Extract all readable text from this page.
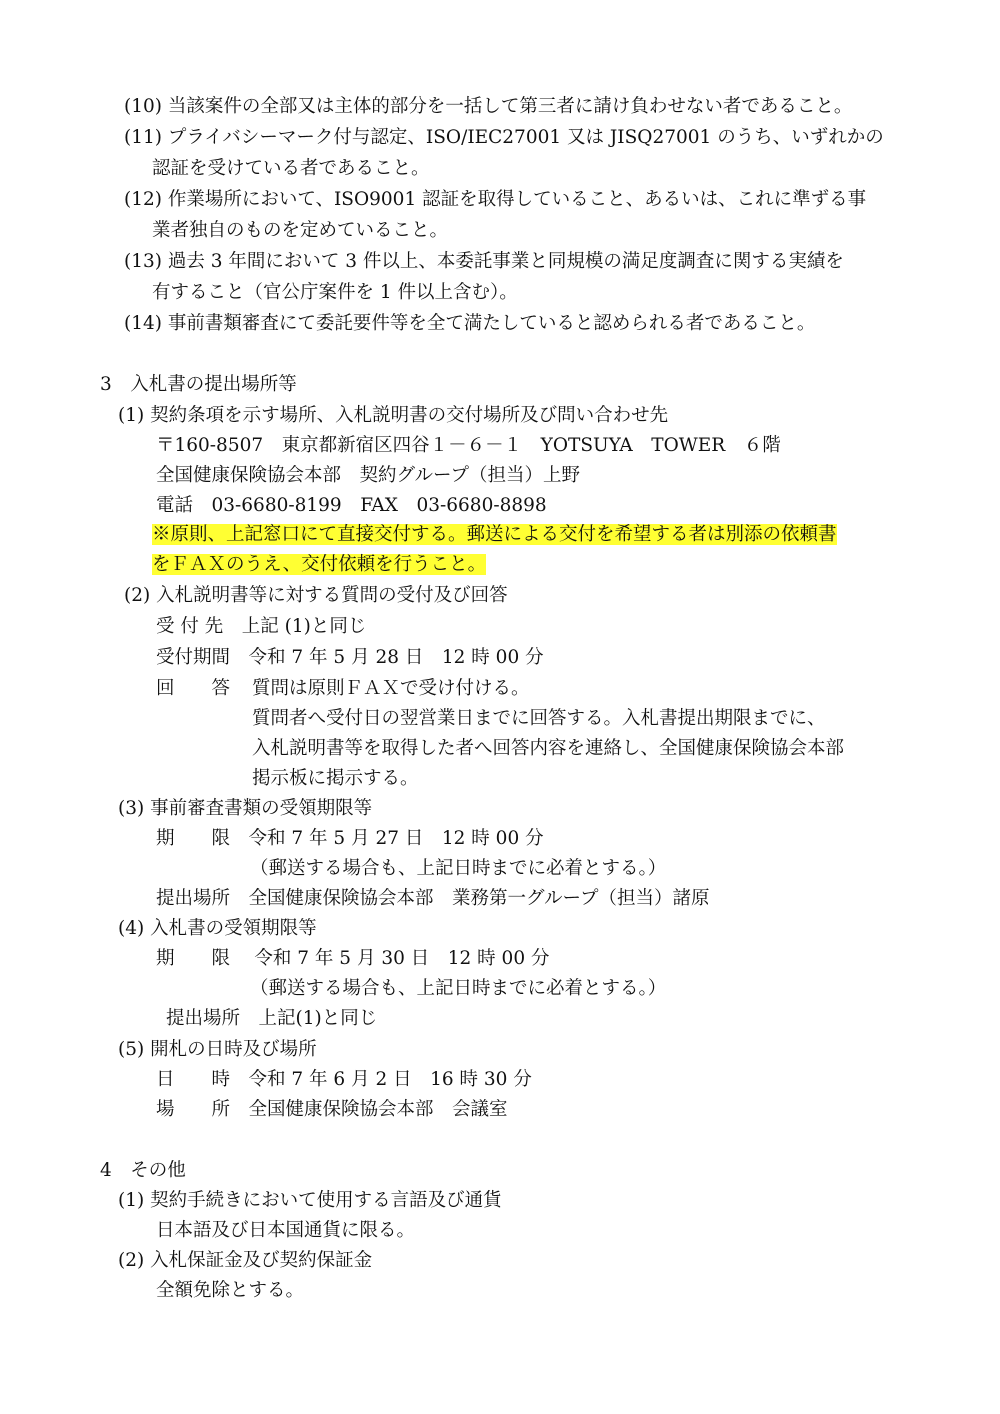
(10) 当該案件の全部又は主体的部分を一括して第三者に請け負わせない者であること。
(11) プライバシーマーク付与認定、ISO/IEC27001 又は JISQ27001 のうち、いずれかの
認証を受けている者であること。
(12) 作業場所において、ISO9001 認証を取得していること、あるいは、これに準ずる事
業者独自のものを定めていること。
(13) 過去 3 年間において 3 件以上、本委託事業と同規模の満足度調査に関する実績を
有すること（官公庁案件を 1 件以上含む）。
(14) 事前書類審査にて委託要件等を全て満たしていると認められる者であること。
3　入札書の提出場所等
(1) 契約条項を示す場所、入札説明書の交付場所及び問い合わせ先
〒160-8507　東京都新宿区四谷１－６－１　YOTSUYA　TOWER　６階
全国健康保険協会本部　契約グループ（担当）上野
電話　03-6680-8199　FAX　03-6680-8898
※原則、上記窓口にて直接交付する。郵送による交付を希望する者は別添の依頼書
をＦＡＸのうえ、交付依頼を行うこと。
(2) 入札説明書等に対する質問の受付及び回答
受 付 先　上記 (1)と同じ
受付期間　令和 7 年 5 月 28 日　12 時 00 分
回　　答 質問は原則ＦＡＸで受け付ける。
質問者へ受付日の翌営業日までに回答する。入札書提出期限までに、
入札説明書等を取得した者へ回答内容を連絡し、全国健康保険協会本部
掲示板に掲示する。
(3) 事前審査書類の受領期限等
期　　限　令和 7 年 5 月 27 日　12 時 00 分
（郵送する場合も、上記日時までに必着とする。）
提出場所　全国健康保険協会本部　業務第一グループ（担当）諸原
(4) 入札書の受領期限等
期　　限　 令和 7 年 5 月 30 日　12 時 00 分
（郵送する場合も、上記日時までに必着とする。）
提出場所　上記(1)と同じ
(5) 開札の日時及び場所
日　　時　令和 7 年 6 月 2 日　16 時 30 分
場　　所　全国健康保険協会本部　会議室
4　その他
(1) 契約手続きにおいて使用する言語及び通貨
日本語及び日本国通貨に限る。
(2) 入札保証金及び契約保証金
全額免除とする。
